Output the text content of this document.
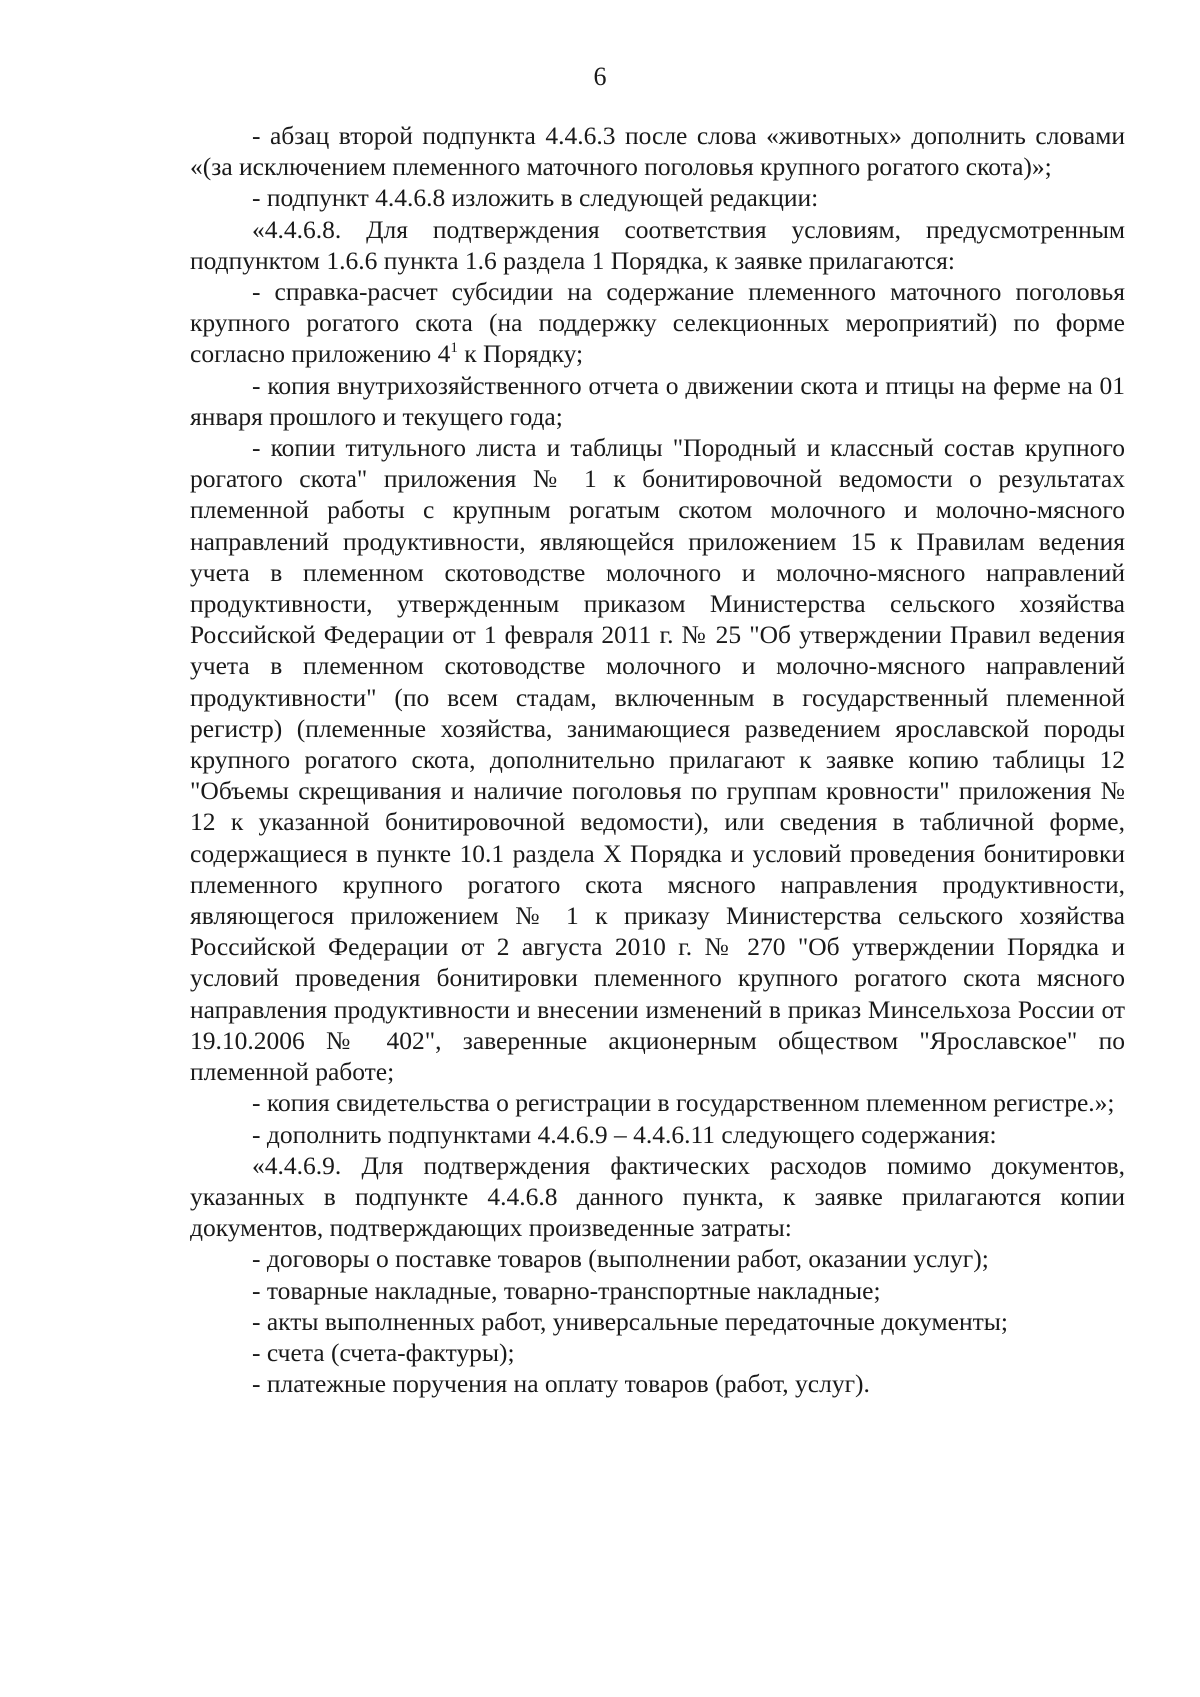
6

- абзац второй подпункта 4.4.6.3 после слова «животных» дополнить словами «(за исключением племенного маточного поголовья крупного рогатого скота)»;

- подпункт 4.4.6.8 изложить в следующей редакции:

«4.4.6.8. Для подтверждения соответствия условиям, предусмотренным подпунктом 1.6.6 пункта 1.6 раздела 1 Порядка, к заявке прилагаются:

- справка-расчет субсидии на содержание племенного маточного поголовья крупного рогатого скота (на поддержку селекционных мероприятий) по форме согласно приложению $4^1$ к Порядку;

- копия внутрихозяйственного отчета о движении скота и птицы на ферме на 01 января прошлого и текущего года;

- копии титульного листа и таблицы "Породный и классный состав крупного рогатого скота" приложения № 1 к бонитировочной ведомости о результатах племенной работы с крупным рогатым скотом молочного и молочно-мясного направлений продуктивности, являющейся приложением 15 к Правилам ведения учета в племенном скотоводстве молочного и молочно-мясного направлений продуктивности, утвержденным приказом Министерства сельского хозяйства Российской Федерации от 1 февраля 2011 г. № 25 "Об утверждении Правил ведения учета в племенном скотоводстве молочного и молочно-мясного направлений продуктивности" (по всем стадам, включенным в государственный племенной регистр) (племенные хозяйства, занимающиеся разведением ярославской породы крупного рогатого скота, дополнительно прилагают к заявке копию таблицы 12 "Объемы скрещивания и наличие поголовья по группам кровности" приложения № 12 к указанной бонитировочной ведомости), или сведения в табличной форме, содержащиеся в пункте 10.1 раздела X Порядка и условий проведения бонитировки племенного крупного рогатого скота мясного направления продуктивности, являющегося приложением № 1 к приказу Министерства сельского хозяйства Российской Федерации от 2 августа 2010 г. № 270 "Об утверждении Порядка и условий проведения бонитировки племенного крупного рогатого скота мясного направления продуктивности и внесении изменений в приказ Минсельхоза России от 19.10.2006 № 402", заверенные акционерным обществом "Ярославское" по племенной работе;

- копия свидетельства о регистрации в государственном племенном регистре.»;

- дополнить подпунктами 4.4.6.9 – 4.4.6.11 следующего содержания:

«4.4.6.9. Для подтверждения фактических расходов помимо документов, указанных в подпункте 4.4.6.8 данного пункта, к заявке прилагаются копии документов, подтверждающих произведенные затраты:

- договоры о поставке товаров (выполнении работ, оказании услуг);

- товарные накладные, товарно-транспортные накладные;

- акты выполненных работ, универсальные передаточные документы;

- счета (счета-фактуры);

- платежные поручения на оплату товаров (работ, услуг).
